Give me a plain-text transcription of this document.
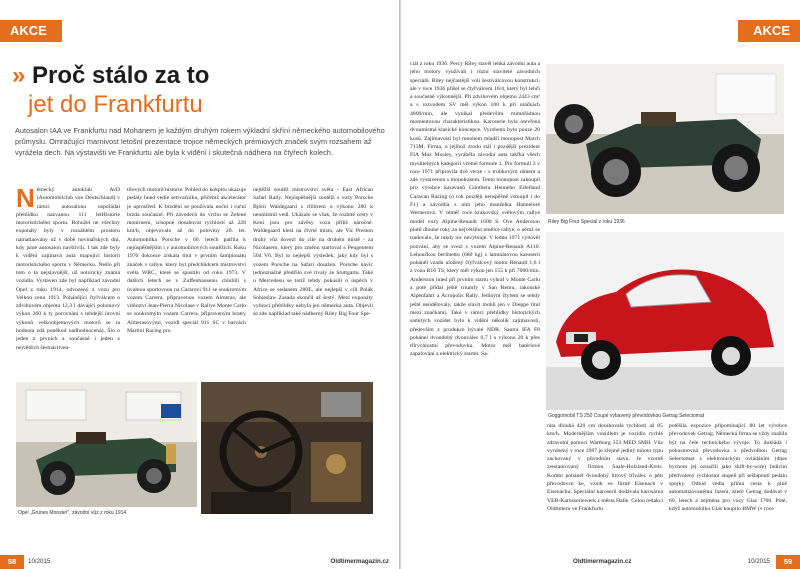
AKCE
» Proč stálo za to
jet do Frankfurtu

Autosalon IAA ve Frankfurtu nad Mohanem je každým druhým rokem výkladní skříní německého automobilového průmyslu. Omračující marnivost letošní prezentace trojice německých prémiových značek svým rozsahem až vyrážela dech. Na výstavišti ve Frankfurtu ale byla k vidění i skutečná nádhera na čtyřech kolech.

Německý autoklub AvD (Automobilclub von Deutschland) v rámci autosalonu uspořádal přehlídku nazvanou 111 letHistorie motoristického sportu. Bohužel ne všechny exponáty byly v rozsáhlém prostoru natnatlaovány už v době novinářských dní, kdy jsme autosalon navštívili. I tak zde byly k vidění zajímavá auta mapující historii motoristického sportu v Německu. Nešlo při tom o ta nejslavnější, už notoricky známá vozidla. Vystaven zde byl například závodní Opel z roku 1914, odvozený z vozu pro Velkou cenu 1913. Pohánějící čtyřválcem o zdvihovém objemu 12,3 l dávající pohonový výkon 260 k ty porovnání s tehdejší úrovní výkonů velkoobjemových motorů se ta hodnota zdá poněkud nadhodnocená). Šlo o jeden z prvních a současně i jeden z největších šestnáctiven-
tilových motorů historie. Pohled do kokpitu ukazuje pedály hned vedle setrvačníku, přičemž akcelerátor je uprostřed. K brzdění se používala noční i ruční brzda současně. Při závodech do vrchu se Zelené montruem, schopné dosahovat rychlostí až 228 km/h, objevovalo až do poloviny 20. let. Automobilka Porsche v 60. letech patřila k nejúspěšnějším i v automobilových soutěžích. Roku 1970 dokonce získala titul v prvním šampionátu značek v rallye, který byl předchůdcem mistrovství světa WRC, které se spustilo od roku 1973. V dalších letech se v Zuffenhausenu chlubili s úvalnou sportovnou na Cararovi 911 se soukromým vozem Carrera, připravenou vozem Almeras, ale vítězství Jean-Pierra Nicolase v Rallye Monte Carlo se soukromým vozem Carrera, připraveným bratry Almerasovými, vozidl speciál 911 SC v barvách Martini Racing pro
nejtěžší soutěž mistrovství světa - East African Safari Rally. Nejúspěšnější soutěží s vozy Porsche Björn Waldegaard s třilitrem o výkonu 280 k neumístnil vedl. Ukázalo se však, že rozbité cesty v Keni jsou pro závěsy vozu příliš náročné. Waldegaard klesl na čtvrté místo, ale Vic Preston druhý vůz dovezl do cíle na druhém místě - za Nicolasem, který pro změnu startoval s Peugeotem 504 V6. Byl to nejlepší výsledek, jaký kdy byl s vozem Porsche na Safari dosažen. Porsche navíc jednoznačně předčilo své rivaly ze Stuttgartu. Také u Mercedesu se totiž tehdy pokusili o úspěch v Africe se sedanem 280E, ale nejlepší v cíli Polák Sobieslaw Zasada skončil až šestý. Mezi exponáty vyhrocí přehlídky nebyla jen německá auta. Objevil se zde například také nádherný Riley Big Four Spe-
Opel „Grünes Monster", závodní vůz z roku 1914
58	10/2015	Oldtimermagazin.cz
AKCE
ciál z roku 1936. Percy Riley stavěl lehká závodní auta a jeho motory využívali i různí stavitelé závodních speciálů. Riley nejčastější voli šestiválcovou konstrukci, ale v roce 1936 přišel se čtyřválcem 16/4, který byl lehčí a současně výkonnější. Při zdvihovém objemu 2443 cm³ a s rozvodem SV měl výkon 100 k při otáčkách 4800/min, ale vynikal především mimořádnou momentovou charakteristikou. Karoserie byla otevřená dvoumístná klasické koncepce. Vyrobeno bylo pouze 20 kusů. Zajímavostí byl mnohem mladší monopost March 713M. Firma, u jejíhož zrodu stál i pozdější prezident FIA Max Mosley, vyráběla závodní auta takřka všech myslitelných kategorií včetně formule 1. Pro formuli 3 v roce 1971 připravila dvě verze - s trubkovým rámem a zde vystavenou s monokokem. Tento monopost zakoupil pro výrobce karavanů Günthera Henneho Eifelland Caravan Racing (o rok později neúspěšně vstoupil i do F1) a závodila s ním jeho manželka Hannelore Wernerová. V téméř roce krakovský světovým rallye model vozy Alpine-Renault 1600 S. Ove Andersson platil dlouhé roky za největšího umělce rallye, o němž se tradovalo, že nikdy nic nevybraje. V lednu 1971 vyhověl pozvání, aby se svezl s vozem Alpine-Renault A110. Lehoučkou berlinettu (680 kg) s laminátovou karoserií poháněl vzadu uložený čtyřválcový motor Renault 1,6 l z vozu R16 TS, který měl výkon jen 155 k při 7000/min. Andersson hned při prvním startu vyhrál v Monte Carlu a poté přidal ještě triumfy v San Remu, rakouské Alpenfahrt a Acropolis Rally. Jediným čtyřem se tehdy ještě neúdělovaly, takže slavit mohli jen v Dieppe titul mezi značkami. Také v rámci přehlídky historických samitých vozidel bylo k vidění několik zajímavostí, především z produkce bývalé NDR. Sautra IFA F8 pohánel dvoudobý dvouválec 0,7 l o výkonu 20 k přes třírychlostní převodovku. Motor měl batériové zapalování a elektrický startér. Sa-
Riley Big Four Speciál z roku 1936
Goggomobil TS 250 Coupé vybavený převodovkou Getrag Selectomat
nita dlouhá 420 cm dosahovala rychlosti až 85 km/h. Modernějším vozidlem je vozidlo rychlé zdravotní pomoci Wartburg 353 MED SMH. Vůz vyrobený v roce 1987 je zřejmě jediný tohoto typu zachovaný v původním stavu. Je vzorně zrestaurovaný firmou Saale-Holzland-Kreis. Kombi pohánél dvoudobý litrový tříválec o pěti převodovce ke, vznik ve firmě Eisenach v Eisenachu. Speciální karoserii dodávala karosárna VEB-Karosseriewerk z města Halle. Celou redakci Oldtimeru ve Frankfurtu
potěšila expozice připomínající 80 let výrobce převodovek Getrag. Německá firma se vždy snažila být na čele technického vývoje. To dokládá i pokusmovná převodovka s předvolbou Getrag Selectomat s elektronickým ovládáním (dnes bychom jej označili jako shift-by-wire) řadicím předvolený rychlostní stupeň při sešlápnutí pedálu spojky. Odtud vedla přímá cesta k plně automatizovanému řazení, které Getrag dodával v 60. letech a zejména pro vozy Glas 1700. Poté, když automobilku Glas koupilo BMW (v roce
Oldtimermagazin.cz	10/2015	59
